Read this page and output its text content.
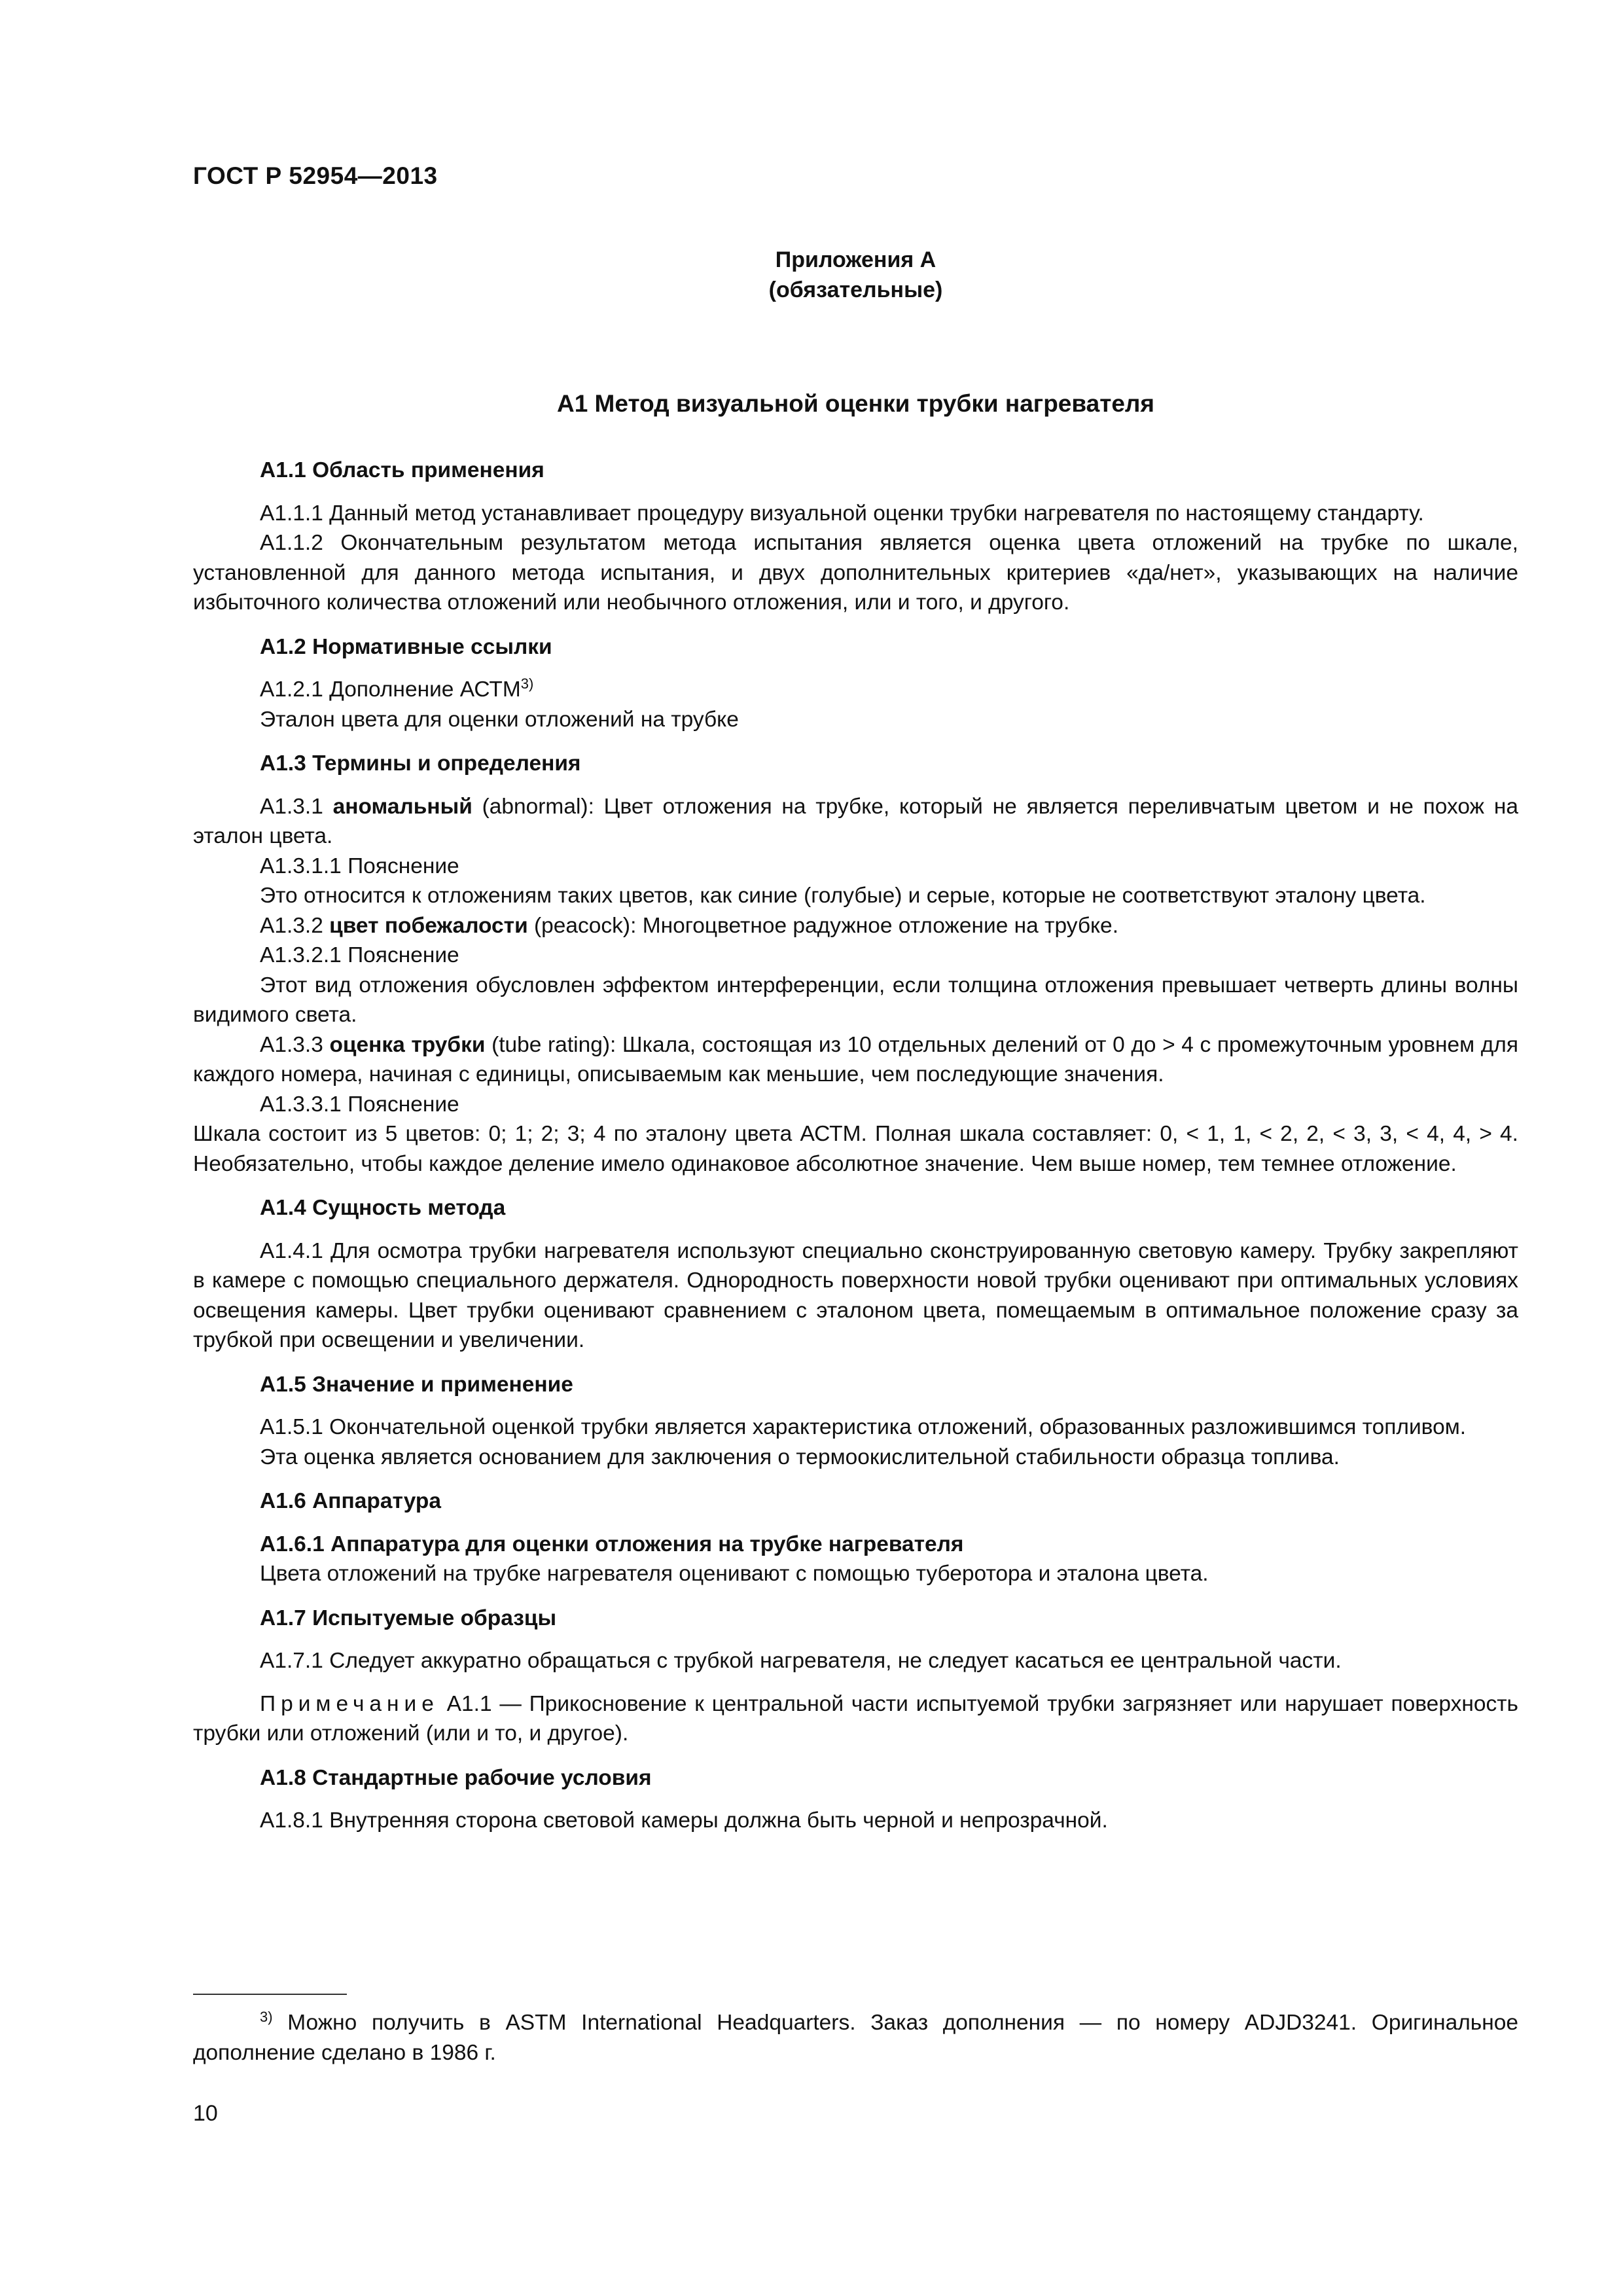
ГОСТ Р 52954—2013
Приложения А
(обязательные)
A1 Метод визуальной оценки трубки нагревателя

A1.1 Область применения

A1.1.1 Данный метод устанавливает процедуру визуальной оценки трубки нагревателя по настоящему стандарту.

A1.1.2 Окончательным результатом метода испытания является оценка цвета отложений на трубке по шкале, установленной для данного метода испытания, и двух дополнительных критериев «да/нет», указывающих на наличие избыточного количества отложений или необычного отложения, или и того, и другого.

A1.2 Нормативные ссылки

A1.2.1 Дополнение АСТМ$^{3)}$

Эталон цвета для оценки отложений на трубке

A1.3 Термины и определения

A1.3.1 аномальный (abnormal): Цвет отложения на трубке, который не является переливчатым цветом и не похож на эталон цвета.

A1.3.1.1 Пояснение

Это относится к отложениям таких цветов, как синие (голубые) и серые, которые не соответствуют эталону цвета.

A1.3.2 цвет побежалости (peacock): Многоцветное радужное отложение на трубке.

A1.3.2.1 Пояснение

Этот вид отложения обусловлен эффектом интерференции, если толщина отложения превышает четверть длины волны видимого света.

A1.3.3 оценка трубки (tube rating): Шкала, состоящая из 10 отдельных делений от 0 до > 4 с промежуточным уровнем для каждого номера, начиная с единицы, описываемым как меньшие, чем последующие значения.

A1.3.3.1 Пояснение

Шкала состоит из 5 цветов: 0; 1; 2; 3; 4 по эталону цвета АСТМ. Полная шкала составляет: 0, < 1, 1, < 2, 2, < 3, 3, < 4, 4, > 4. Необязательно, чтобы каждое деление имело одинаковое абсолютное значение. Чем выше номер, тем темнее отложение.

A1.4 Сущность метода

A1.4.1 Для осмотра трубки нагревателя используют специально сконструированную световую камеру. Трубку закрепляют в камере с помощью специального держателя. Однородность поверхности новой трубки оценивают при оптимальных условиях освещения камеры. Цвет трубки оценивают сравнением с эталоном цвета, помещаемым в оптимальное положение сразу за трубкой при освещении и увеличении.

A1.5 Значение и применение

A1.5.1 Окончательной оценкой трубки является характеристика отложений, образованных разложившимся топливом.

Эта оценка является основанием для заключения о термоокислительной стабильности образца топлива.

A1.6 Аппаратура

A1.6.1 Аппаратура для оценки отложения на трубке нагревателя

Цвета отложений на трубке нагревателя оценивают с помощью туберотора и эталона цвета.

A1.7 Испытуемые образцы

A1.7.1 Следует аккуратно обращаться с трубкой нагревателя, не следует касаться ее центральной части.

Примечание A1.1 — Прикосновение к центральной части испытуемой трубки загрязняет или нарушает поверхность трубки или отложений (или и то, и другое).

A1.8 Стандартные рабочие условия

A1.8.1 Внутренняя сторона световой камеры должна быть черной и непрозрачной.

$^{3)}$ Можно получить в ASTM International Headquarters. Заказ дополнения — по номеру ADJD3241. Оригинальное дополнение сделано в 1986 г.

10
